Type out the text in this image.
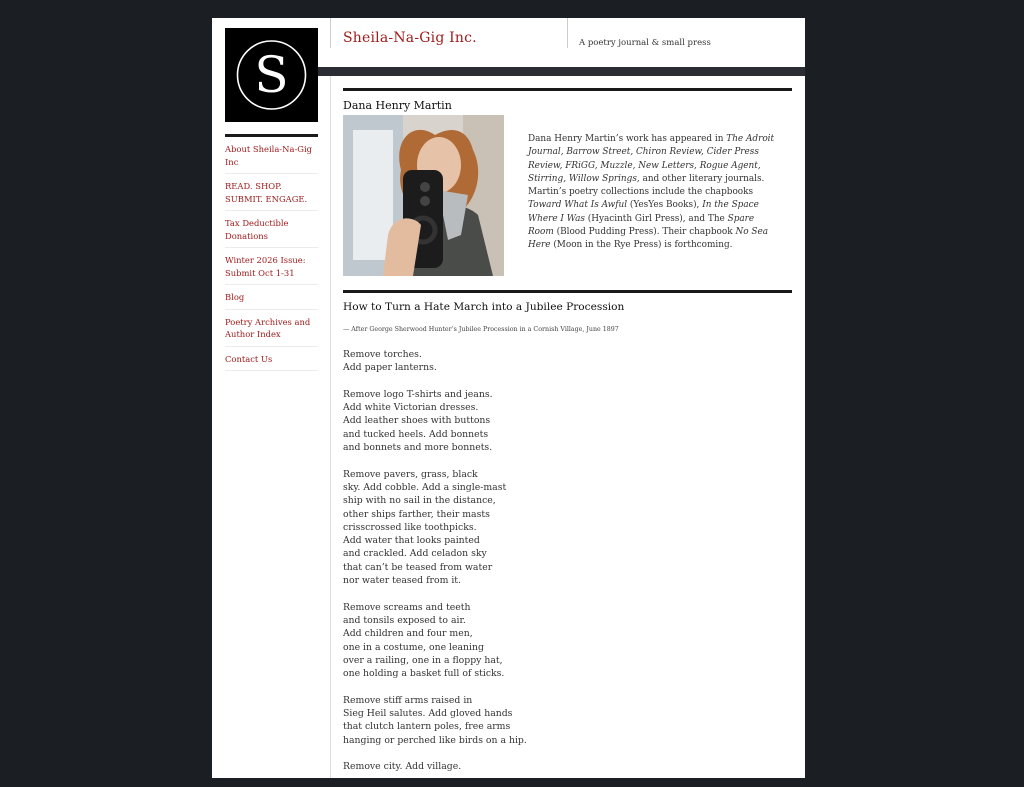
Sheila-Na-Gig Inc.	A poetry journal & small press
S
About Sheila-Na-Gig Inc
READ. SHOP. SUBMIT. ENGAGE.
Tax Deductible Donations
Winter 2026 Issue: Submit Oct 1-31
Blog
Poetry Archives and Author Index
Contact Us
Dana Henry Martin
Dana Henry Martin’s work has appeared in The Adroit Journal, Barrow Street, Chiron Review, Cider Press Review, FRiGG, Muzzle, New Letters, Rogue Agent, Stirring, Willow Springs, and other literary journals. Martin’s poetry collections include the chapbooks Toward What Is Awful (YesYes Books), In the Space Where I Was (Hyacinth Girl Press), and The Spare Room (Blood Pudding Press). Their chapbook No Sea Here (Moon in the Rye Press) is forthcoming.
How to Turn a Hate March into a Jubilee Procession
— After George Sherwood Hunter’s Jubilee Procession in a Cornish Village, June 1897
Remove torches.
Add paper lanterns.
Remove logo T-shirts and jeans.
Add white Victorian dresses.
Add leather shoes with buttons
and tucked heels. Add bonnets
and bonnets and more bonnets.
Remove pavers, grass, black
sky. Add cobble. Add a single-mast
ship with no sail in the distance,
other ships farther, their masts
crisscrossed like toothpicks.
Add water that looks painted
and crackled. Add celadon sky
that can’t be teased from water
nor water teased from it.
Remove screams and teeth
and tonsils exposed to air.
Add children and four men,
one in a costume, one leaning
over a railing, one in a floppy hat,
one holding a basket full of sticks.
Remove stiff arms raised in
Sieg Heil salutes. Add gloved hands
that clutch lantern poles, free arms
hanging or perched like birds on a hip.
Remove city. Add village.
